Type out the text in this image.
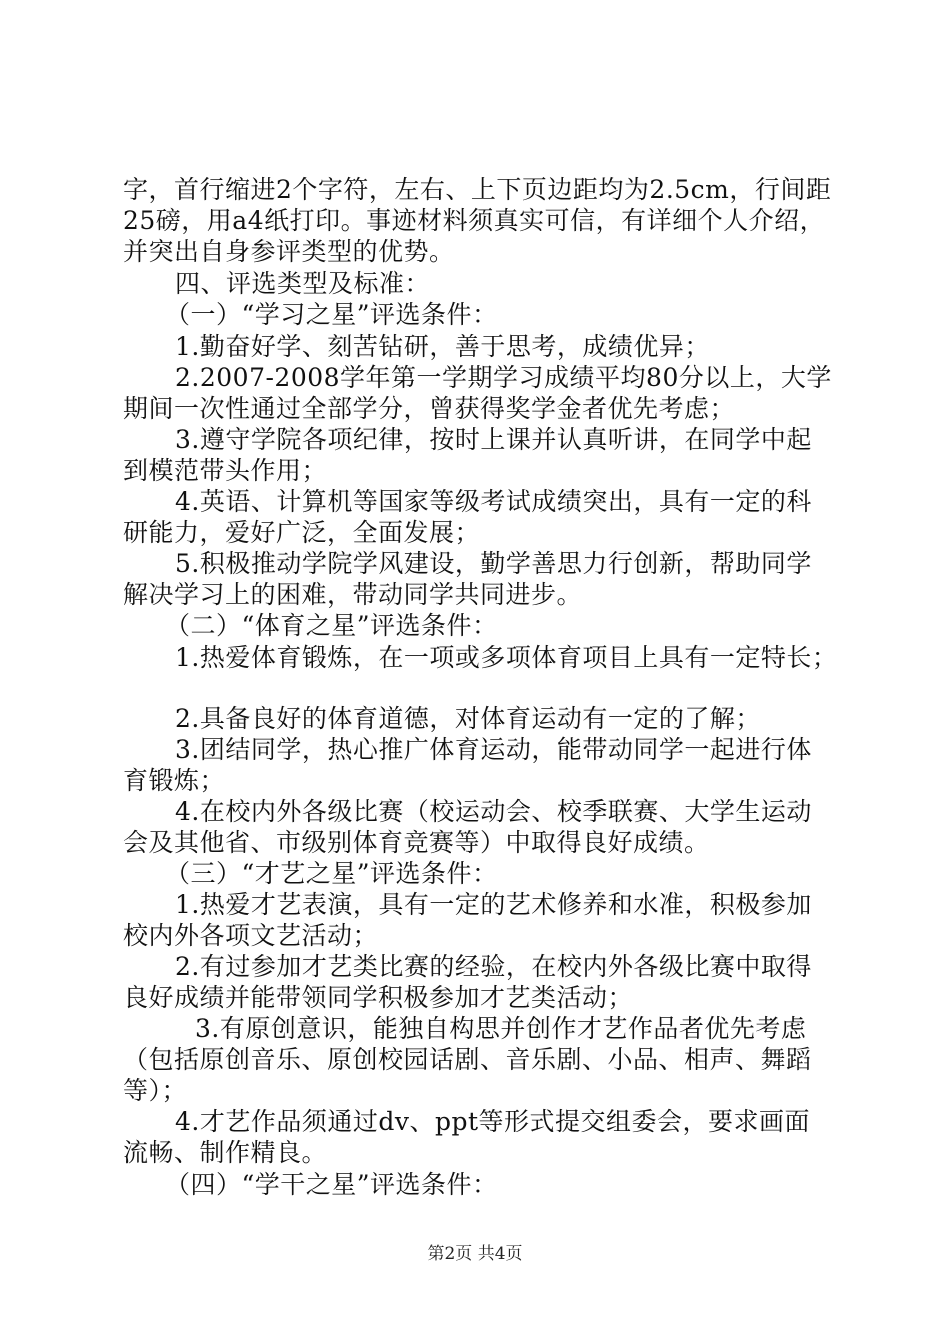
字，首行缩进2个字符，左右、上下页边距均为2.5cm，行间距
25磅，用a4纸打印。事迹材料须真实可信，有详细个人介绍，
并突出自身参评类型的优势。
四、评选类型及标准：
（一）“学习之星”评选条件：
1.勤奋好学、刻苦钻研，善于思考，成绩优异；
2.2007-2008学年第一学期学习成绩平均80分以上，大学
期间一次性通过全部学分，曾获得奖学金者优先考虑；
3.遵守学院各项纪律，按时上课并认真听讲，在同学中起
到模范带头作用；
4.英语、计算机等国家等级考试成绩突出，具有一定的科
研能力，爱好广泛，全面发展；
5.积极推动学院学风建设，勤学善思力行创新，帮助同学
解决学习上的困难，带动同学共同进步。
（二）“体育之星”评选条件：
1.热爱体育锻炼，在一项或多项体育项目上具有一定特长；
2.具备良好的体育道德，对体育运动有一定的了解；
3.团结同学，热心推广体育运动，能带动同学一起进行体
育锻炼；
4.在校内外各级比赛（校运动会、校季联赛、大学生运动
会及其他省、市级别体育竞赛等）中取得良好成绩。
（三）“才艺之星”评选条件：
1.热爱才艺表演，具有一定的艺术修养和水准，积极参加
校内外各项文艺活动；
2.有过参加才艺类比赛的经验，在校内外各级比赛中取得
良好成绩并能带领同学积极参加才艺类活动；
3.有原创意识，能独自构思并创作才艺作品者优先考虑
（包括原创音乐、原创校园话剧、音乐剧、小品、相声、舞蹈
等）；
4.才艺作品须通过dv、ppt等形式提交组委会，要求画面
流畅、制作精良。
（四）“学干之星”评选条件：
第2页 共4页
